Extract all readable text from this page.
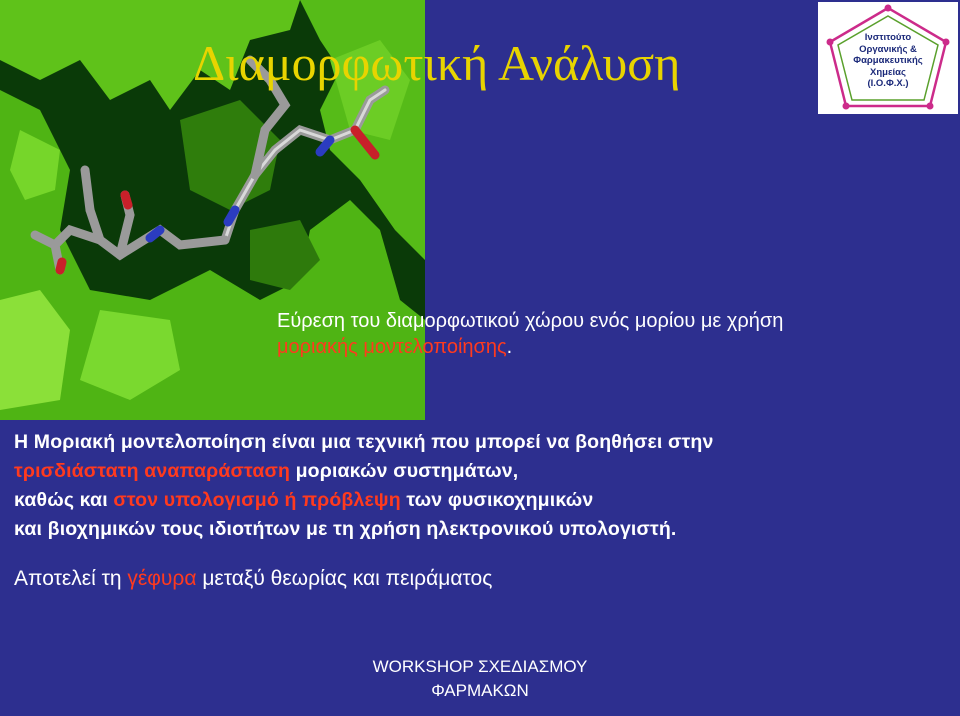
Διαμορφωτική Ανάλυση	Ινστιτούτο
Οργανικής &
Φαρμακευτικής
Χημείας
(Ι.Ο.Φ.Χ.)
Εύρεση του διαμορφωτικού χώρου ενός μορίου με χρήση
μοριακής μοντελοποίησης.
Η Μοριακή μοντελοποίηση είναι μια τεχνική που μπορεί να βοηθήσει στην
τρισδιάστατη αναπαράσταση μοριακών συστημάτων,
καθώς και στον υπολογισμό ή πρόβλεψη των φυσικοχημικών
και βιοχημικών τους ιδιοτήτων με τη χρήση ηλεκτρονικού υπολογιστή.
Αποτελεί τη γέφυρα μεταξύ θεωρίας και πειράματος
WORKSHOP ΣΧΕΔΙΑΣΜΟΥ
ΦΑΡΜΑΚΩΝ
